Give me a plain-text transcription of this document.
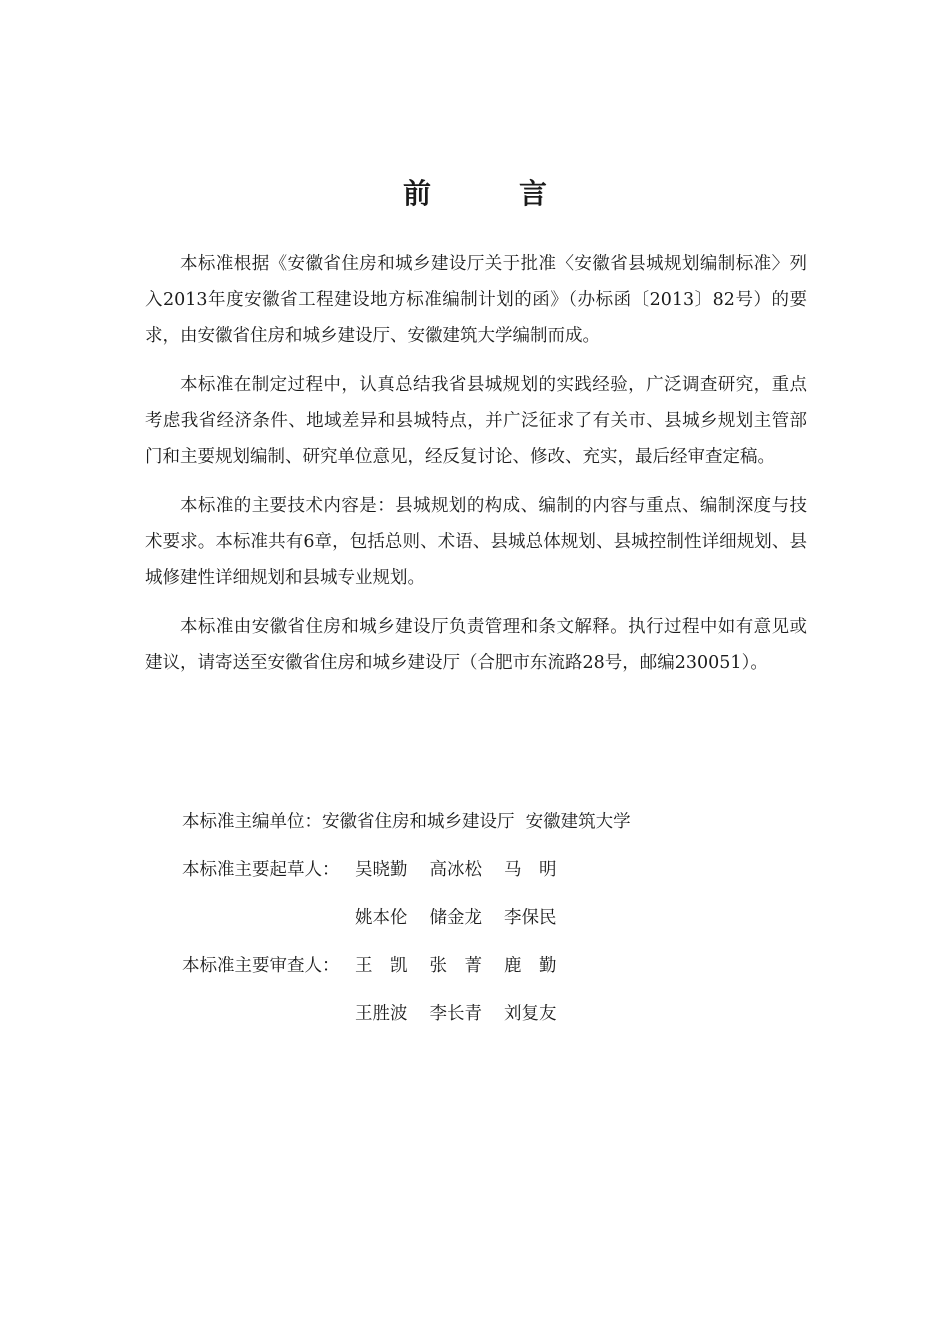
前　言

本标准根据《安徽省住房和城乡建设厅关于批准〈安徽省县城规划编制标准〉列入2013年度安徽省工程建设地方标准编制计划的函》（办标函〔2013〕82号）的要求，由安徽省住房和城乡建设厅、安徽建筑大学编制而成。

本标准在制定过程中，认真总结我省县城规划的实践经验，广泛调查研究，重点考虑我省经济条件、地域差异和县城特点，并广泛征求了有关市、县城乡规划主管部门和主要规划编制、研究单位意见，经反复讨论、修改、充实，最后经审查定稿。

本标准的主要技术内容是：县城规划的构成、编制的内容与重点、编制深度与技术要求。本标准共有6章，包括总则、术语、县城总体规划、县城控制性详细规划、县城修建性详细规划和县城专业规划。

本标准由安徽省住房和城乡建设厅负责管理和条文解释。执行过程中如有意见或建议，请寄送至安徽省住房和城乡建设厅（合肥市东流路28号，邮编230051）。

本标准主编单位： 安徽省住房和城乡建设厅  安徽建筑大学
本标准主要起草人： 吴晓勤 高冰松 马　明
姚本伦 储金龙 李保民
本标准主要审查人： 王　凯 张　菁 鹿　勤
王胜波 李长青 刘复友
